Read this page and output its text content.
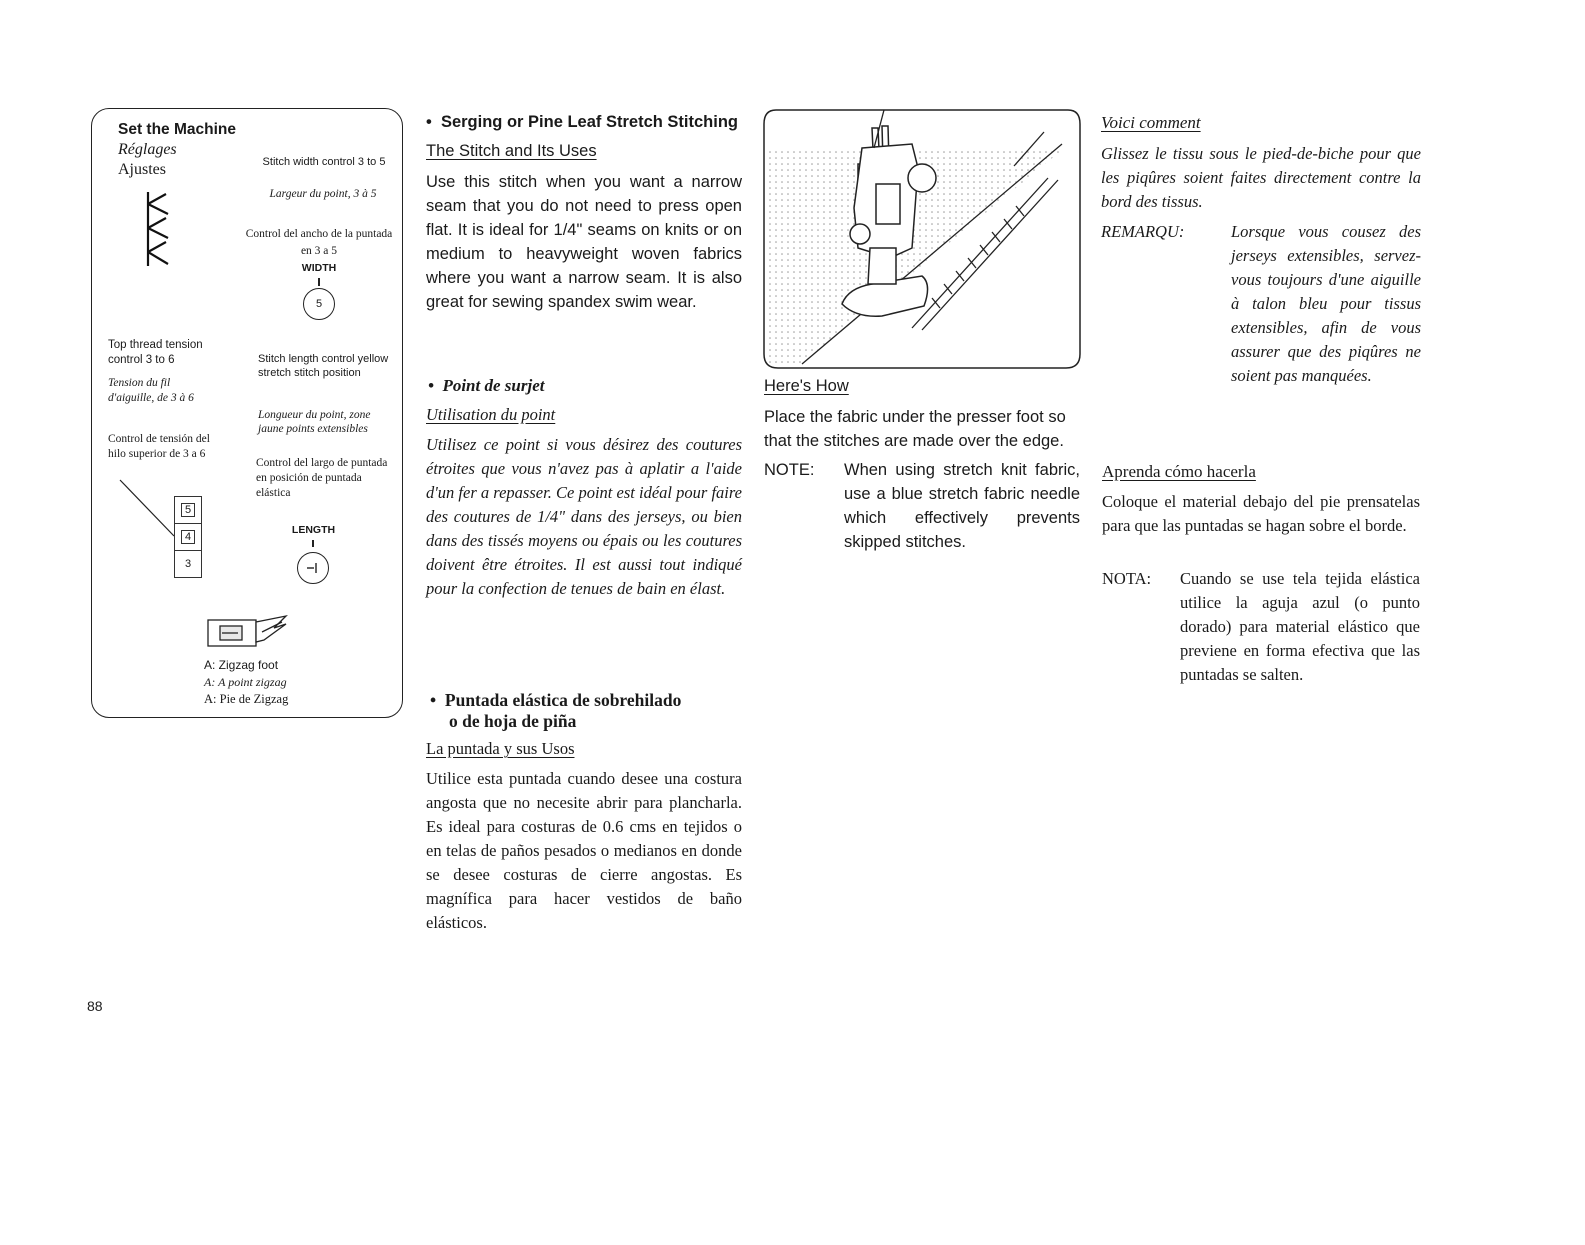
Set the Machine
Réglages
Ajustes	Stitch width control 3 to 5
Largeur du point, 3 à 5
Control del ancho de la puntada en 3 a 5
WIDTH
5
Top thread tension control 3 to 6
Tension du fil d'aiguille, de 3 à 6
Control de tensión del hilo superior de 3 a 6
5
4
3
Stitch length control yellow stretch stitch position
Longueur du point, zone jaune points extensibles
Control del largo de puntada en posición de puntada elástica
LENGTH
A: Zigzag foot
A: A point zigzag
A: Pie de Zigzag
•  Serging or Pine Leaf Stretch Stitching
The Stitch and Its Uses
Use this stitch when you want a narrow seam that you do not need to press open flat. It is ideal for 1/4" seams on knits or on medium to heavyweight woven fabrics where you want a narrow seam. It is also great for sewing spandex swim wear.
•  Point de surjet
Utilisation du point
Utilisez ce point si vous désirez des coutures étroites que vous n'avez pas à aplatir a l'aide d'un fer a repasser. Ce point est idéal pour faire des coutures de 1/4" dans des jerseys, ou bien dans des tissés moyens ou épais ou les coutures doivent être étroites. Il est aussi tout indiqué pour la confection de tenues de bain en élast.
•  Puntada elástica de sobrehilado
o de hoja de piña
La puntada y sus Usos
Utilice esta puntada cuando desee una costura angosta que no necesite abrir para plancharla. Es ideal para costuras de 0.6 cms en tejidos o en telas de paños pesados o medianos en donde se desee costuras de cierre angostas. Es magnífica para hacer vestidos de baño elásticos.
Here's How
Place the fabric under the presser foot so that the stitches are made over the edge.
NOTE:	When using stretch knit fabric, use a blue stretch fabric needle which effectively prevents skipped stitches.
Voici comment
Glissez le tissu sous le pied-de-biche pour que les piqûres soient faites directement contre la bord des tissus.
REMARQU:	Lorsque vous cousez des jerseys extensibles, servez-vous toujours d'une aiguille à talon bleu pour tissus extensibles, afin de vous assurer que des piqûres ne soient pas manquées.
Aprenda cómo hacerla
Coloque el material debajo del pie prensatelas para que las puntadas se hagan sobre el borde.
NOTA:	Cuando se use tela tejida elástica utilice la aguja azul (o punto dorado) para material elástico que previene en forma efectiva que las puntadas se salten.
88
